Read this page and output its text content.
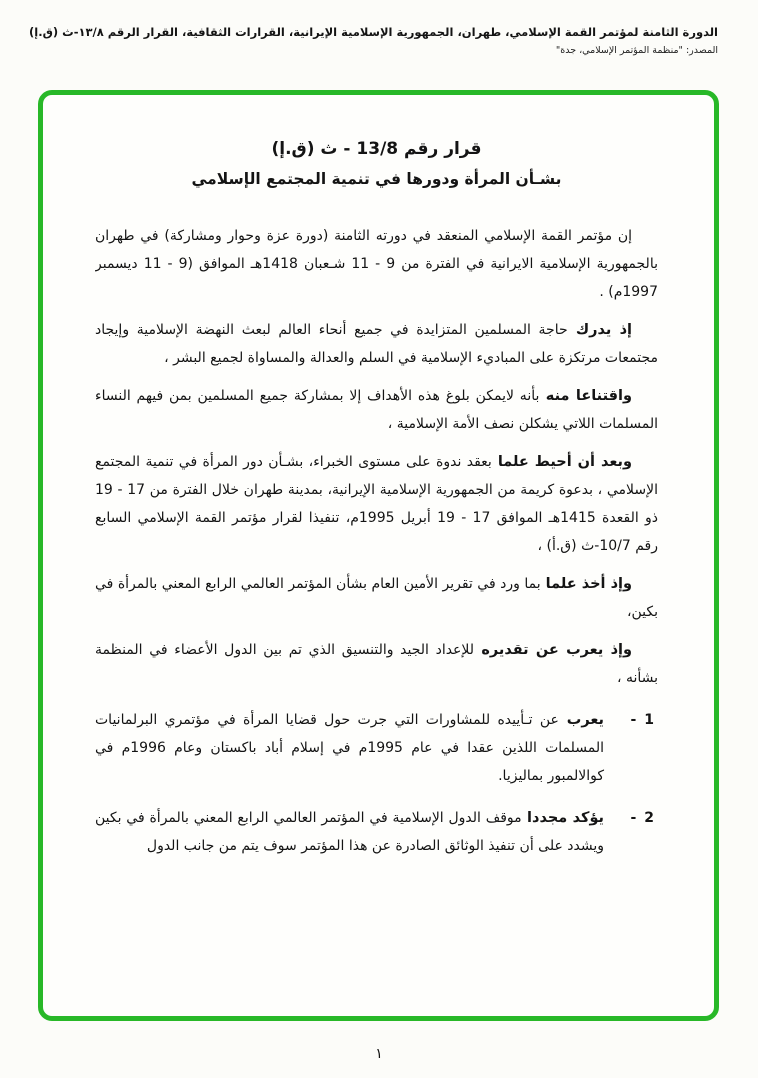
الدورة الثامنة لمؤتمر القمة الإسلامي، طهران، الجمهورية الإسلامية الإيرانية، القرارات الثقافية، القرار الرقم ١٣/٨-ث (ق.إ)
المصدر: "منظمة المؤتمر الإسلامي، جدة"
قرار رقم 13/8 - ث (ق.إ)
بشـأن المرأة ودورها في تنمية المجتمع الإسلامي

إن مؤتمر القمة الإسلامي المنعقد في دورته الثامنة (دورة عزة وحوار ومشاركة) في طهران بالجمهورية الإسلامية الايرانية في الفترة من 9 - 11 شـعبان 1418هـ الموافق (9 - 11 ديسمبر 1997م) .

إذ يدرك حاجة المسلمين المتزايدة في جميع أنحاء العالم لبعث النهضة الإسلامية وإيجاد مجتمعات مرتكزة على المباديء الإسلامية في السلم والعدالة والمساواة لجميع البشر ،

واقتناعا منه بأنه لايمكن بلوغ هذه الأهداف إلا بمشاركة جميع المسلمين بمن فيهم النساء المسلمات اللاتي يشكلن نصف الأمة الإسلامية ،

وبعد أن أحيط علما بعقد ندوة على مستوى الخبراء، بشـأن دور المرأة في تنمية المجتمع الإسلامي ، بدعوة كريمة من الجمهورية الإسلامية الإيرانية، بمدينة طهران خلال الفترة من 17 - 19 ذو القعدة 1415هـ الموافق 17 - 19 أبريل 1995م، تنفيذا لقرار مؤتمر القمة الإسلامي السابع رقم 10/7-ث (ق.أ) ،

وإذ أخذ علما بما ورد في تقرير الأمين العام بشأن المؤتمر العالمي الرابع المعني بالمرأة في بكين،

وإذ يعرب عن تقديره للإعداد الجيد والتنسيق الذي تم بين الدول الأعضاء في المنظمة بشأنه ،

1
-

يعرب عن تـأييده للمشاورات التي جرت حول قضايا المرأة في مؤتمري البرلمانيات المسلمات اللذين عقدا في عام 1995م في إسلام أباد باكستان وعام 1996م في كوالالمبور بماليزيا.

2
-

يؤكد مجددا موقف الدول الإسلامية في المؤتمر العالمي الرابع المعني بالمرأة في بكين ويشدد على أن تنفيذ الوثائق الصادرة عن هذا المؤتمر سوف يتم من جانب الدول

١
